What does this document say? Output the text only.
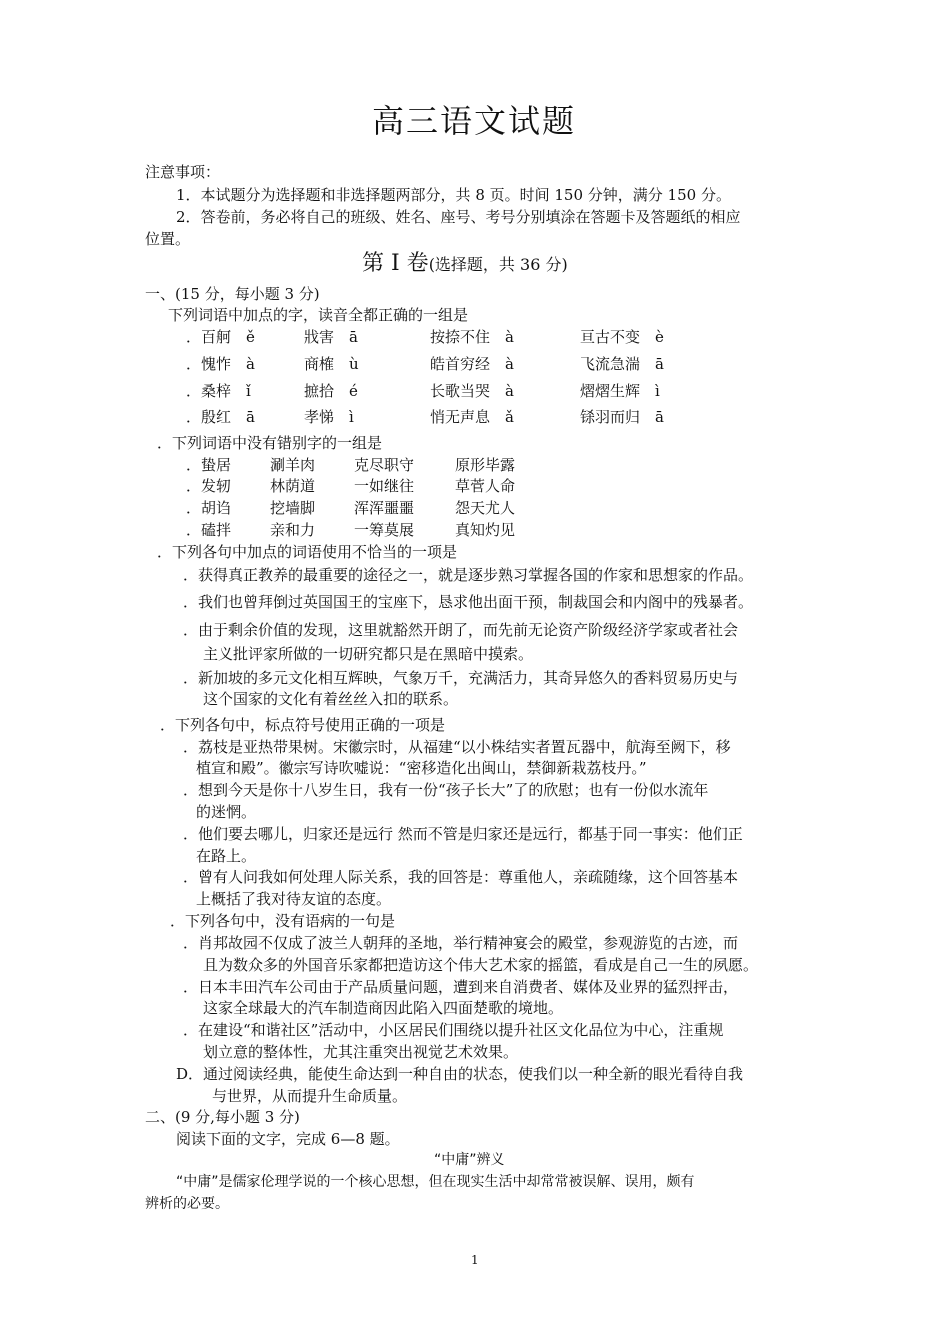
高三语文试题
注意事项：
1．本试题分为选择题和非选择题两部分，共 8 页。时间 150 分钟，满分 150 分。
2．答卷前，务必将自己的班级、姓名、座号、考号分别填涂在答题卡及答题纸的相应
位置。
第 I 卷(选择题，共 36 分)
一、(15 分，每小题 3 分)
下列词语中加点的字，读音全都正确的一组是
．百舸　ě	戕害　ā	按捺不住　à	亘古不变　è
．愧怍　à	商榷　ù	皓首穷经　à	飞流急湍　ā
．桑梓　ǐ	摭拾　é	长歌当哭　à	熠熠生辉　ì
．殷红　ā	孝悌　ì	悄无声息　ǎ	铩羽而归　ā
．下列词语中没有错别字的一组是
．蛰居	涮羊肉	克尽职守	原形毕露
．发轫	林荫道	一如继往	草菅人命
．胡诌	挖墙脚	浑浑噩噩	怨天尤人
．磕拌	亲和力	一筹莫展	真知灼见
．下列各句中加点的词语使用不恰当的一项是
．获得真正教养的最重要的途径之一，就是逐步熟习掌握各国的作家和思想家的作品。
．我们也曾拜倒过英国国王的宝座下，恳求他出面干预，制裁国会和内阁中的残暴者。
．由于剩余价值的发现，这里就豁然开朗了，而先前无论资产阶级经济学家或者社会
主义批评家所做的一切研究都只是在黑暗中摸索。
．新加坡的多元文化相互辉映，气象万千，充满活力，其奇异悠久的香料贸易历史与
这个国家的文化有着丝丝入扣的联系。
．下列各句中，标点符号使用正确的一项是
．荔枝是亚热带果树。宋徽宗时，从福建“以小株结实者置瓦器中，航海至阙下，移
植宣和殿”。徽宗写诗吹嘘说：“密移造化出闽山，禁御新栽荔枝丹。”
．想到今天是你十八岁生日，我有一份“孩子长大”了的欣慰；也有一份似水流年
的迷惘。
．他们要去哪儿，归家还是远行 然而不管是归家还是远行，都基于同一事实：他们正
在路上。
．曾有人问我如何处理人际关系，我的回答是：尊重他人，亲疏随缘，这个回答基本
上概括了我对待友谊的态度。
．下列各句中，没有语病的一句是
．肖邦故园不仅成了波兰人朝拜的圣地，举行精神宴会的殿堂，参观游览的古迹，而
且为数众多的外国音乐家都把造访这个伟大艺术家的摇篮，看成是自己一生的夙愿。
．日本丰田汽车公司由于产品质量问题，遭到来自消费者、媒体及业界的猛烈抨击，
这家全球最大的汽车制造商因此陷入四面楚歌的境地。
．在建设“和谐社区”活动中，小区居民们围绕以提升社区文化品位为中心，注重规
划立意的整体性，尤其注重突出视觉艺术效果。
D．通过阅读经典，能使生命达到一种自由的状态，使我们以一种全新的眼光看待自我
与世界，从而提升生命质量。
二、(9 分,每小题 3 分)
阅读下面的文字，完成 6—8 题。
“中庸”辨义
“中庸”是儒家伦理学说的一个核心思想，但在现实生活中却常常被误解、误用，颇有
辨析的必要。
1
